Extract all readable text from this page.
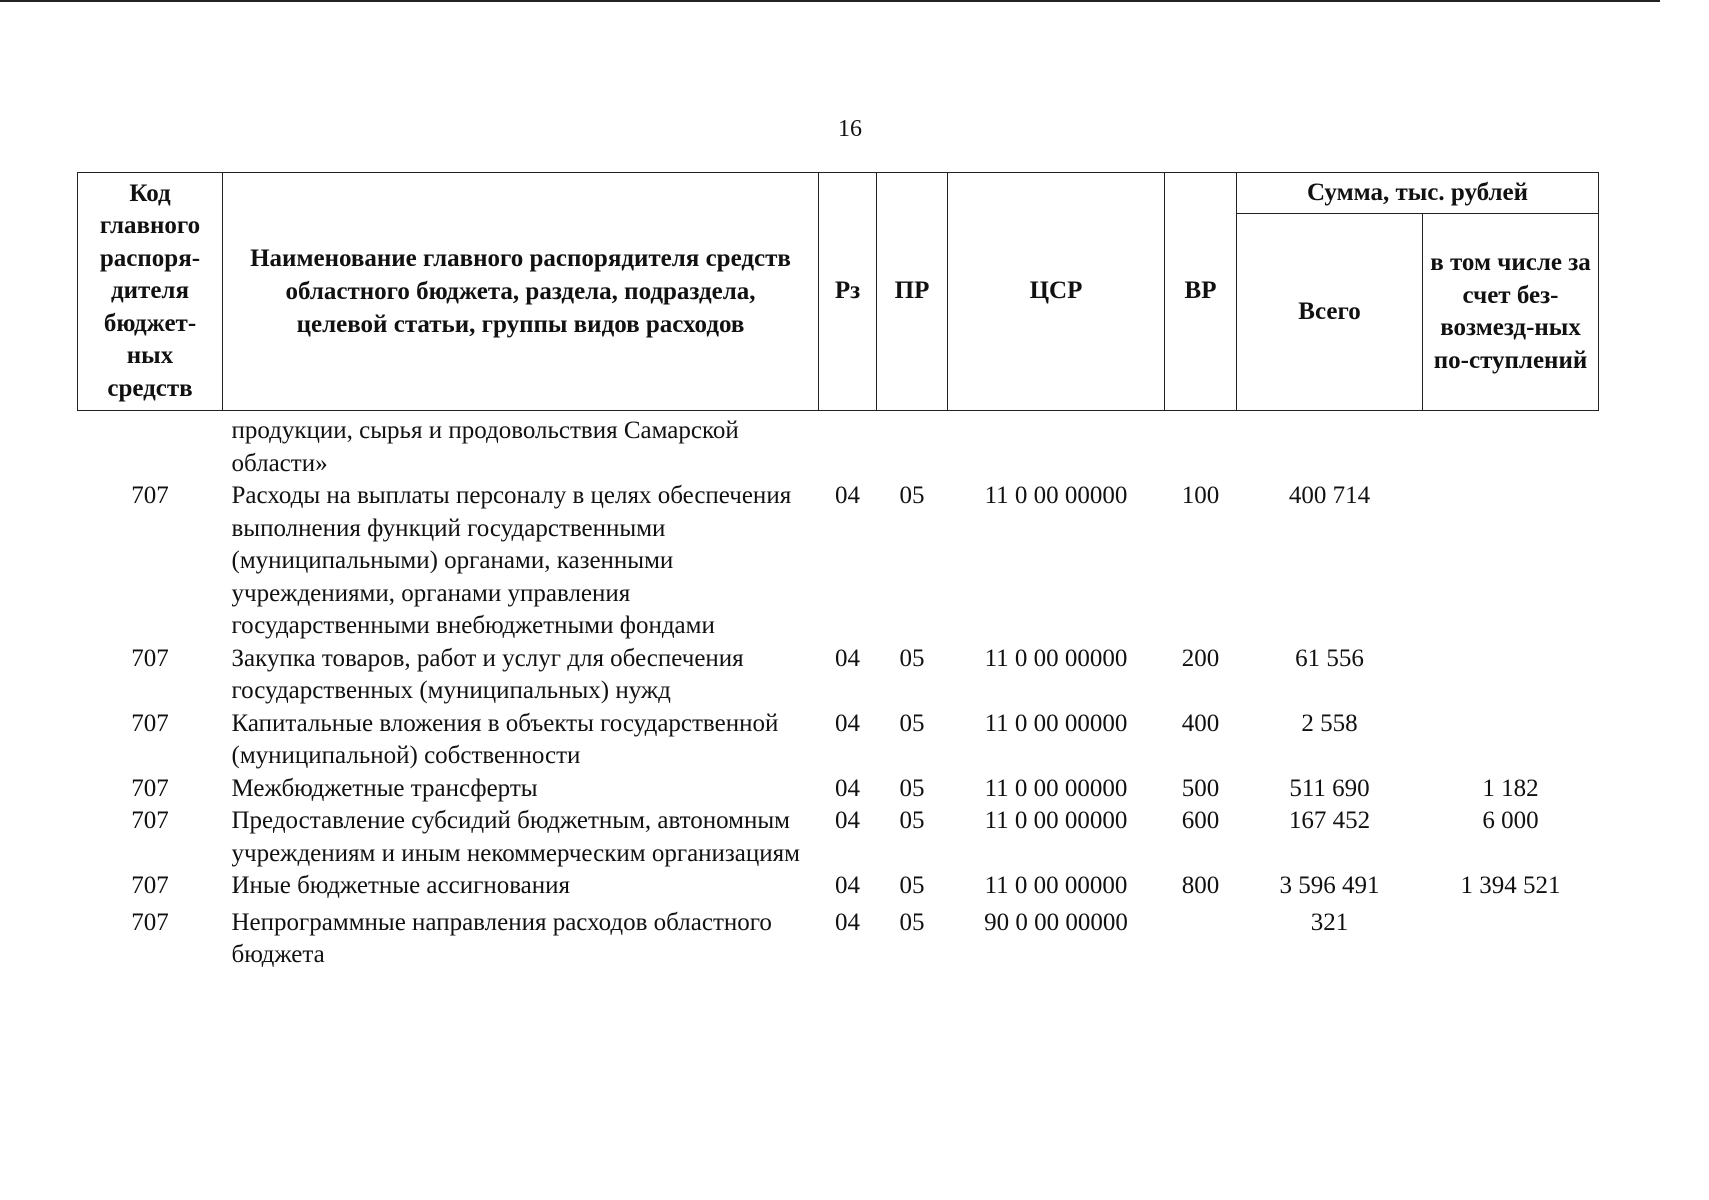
16
Код главного распоря-дителя бюджет-ных средств	Наименование главного распорядителя средств областного бюджета, раздела, подраздела, целевой статьи, группы видов расходов	Рз	ПР	ЦСР	ВР	Сумма, тыс. рублей	
						Всего	в том числе за счет без-возмезд-ных по-ступлений
	продукции, сырья и продовольствия Самарской области»						
707	Расходы на выплаты персоналу в целях обеспечения выполнения функций государственными (муниципальными) органами, казенными учреждениями, органами управления государственными внебюджетными фондами	04	05	11 0 00 00000	100	400 714	
707	Закупка товаров, работ и услуг для обеспечения государственных (муниципальных) нужд	04	05	11 0 00 00000	200	61 556	
707	Капитальные вложения в объекты государственной (муниципальной) собственности	04	05	11 0 00 00000	400	2 558	
707	Межбюджетные трансферты	04	05	11 0 00 00000	500	511 690	1 182
707	Предоставление субсидий бюджетным, автономным учреждениям и иным некоммерческим организациям	04	05	11 0 00 00000	600	167 452	6 000
707	Иные бюджетные ассигнования	04	05	11 0 00 00000	800	3 596 491	1 394 521
707	Непрограммные направления расходов областного бюджета	04	05	90 0 00 00000		321	
